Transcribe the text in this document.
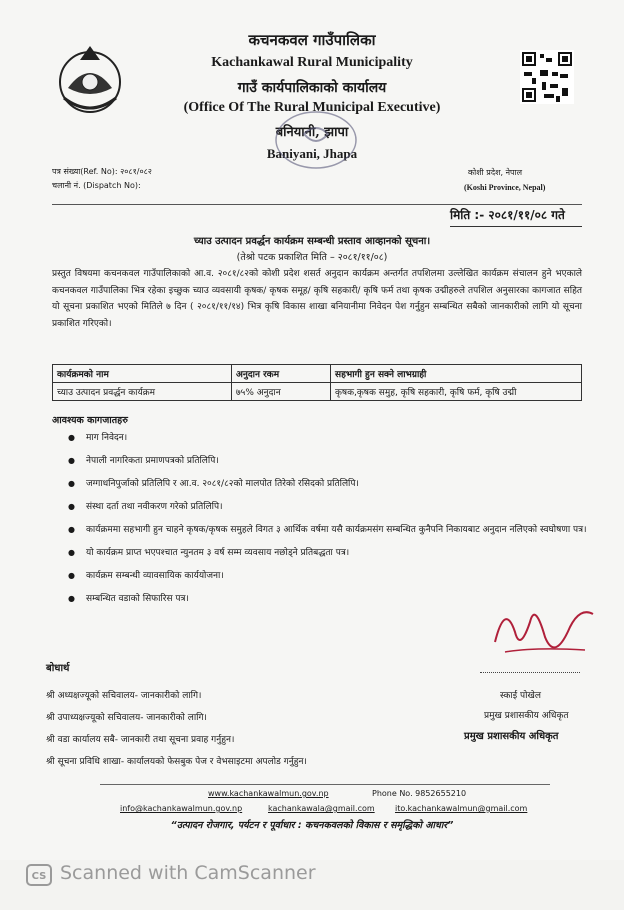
कचनकवल गाउँपालिका
Kachankawal Rural Municipality
गाउँ कार्यपालिकाको कार्यालय
(Office Of The Rural Municipal Executive)
बनियानी, झापा
Baniyani, Jhapa
पत्र संख्या(Ref. No): २०८१/०८२
चलानी नं. (Dispatch No):
कोशी प्रदेश, नेपाल
(Koshi Province, Nepal)
मिति :- २०८१/११/०८ गते
च्याउ उत्पादन प्रवर्द्धन कार्यक्रम सम्बन्धी प्रस्ताव आव्हानको सूचना।
(तेश्रो पटक प्रकाशित मिति – २०८१/११/०८)
प्रस्तुत विषयमा कचनकवल गाउँपालिकाको आ.व. २०८१/८२को कोशी प्रदेश शसर्त अनुदान कार्यक्रम अन्तर्गत तपशिलमा उल्लेखित कार्यक्रम संचालन हुने भएकाले कचनकवल गाउँपालिका भित्र रहेका इच्छुक च्याउ व्यवसायी कृषक/ कृषक समूह/ कृषि सहकारी/ कृषि फर्म तथा कृषक उद्मीहरुले तपशिल अनुसारका कागजात सहित यो सूचना प्रकाशित भएको मितिले ७ दिन ( २०८१/११/१४) भित्र कृषि विकास शाखा बनियानीमा निवेदन पेश गर्नुहुन सम्बन्धित सबैको जानकारीको लागि यो सूचना प्रकाशित गरिएको।
कार्यक्रमको नाम	अनुदान रकम	सहभागी हुन सक्ने लाभग्राही
च्याउ उत्पादन प्रवर्द्धन कार्यक्रम	७५% अनुदान	कृषक,कृषक समुह, कृषि सहकारी, कृषि फर्म, कृषि उद्मी
आवश्यक कागजातहरु
● माग निवेदन।
● नेपाली नागरिकता प्रमाणपत्रको प्रतिलिपि।
● जग्गाधनिपुर्जाको प्रतिलिपि र आ.व. २०८१/८२को मालपोत तिरेको रसिदको प्रतिलिपि।
● संस्था दर्ता तथा नवीकरण गरेको प्रतिलिपि।
● कार्यक्रममा सहभागी हुन चाहने कृषक/कृषक समुहले विगत ३ आर्थिक वर्षमा यसै कार्यक्रमसंग सम्बन्धित कुनैपनि निकायबाट अनुदान नलिएको स्वघोषणा पत्र।
● यो कार्यक्रम प्राप्त भएपश्चात न्युनतम ३ वर्ष सम्म व्यवसाय नछोड्ने प्रतिबद्धता पत्र।
● कार्यक्रम सम्बन्धी व्यावसायिक कार्ययोजना।
● सम्बन्धित वडाको सिफारिस पत्र।
स्काई पोखेल
प्रमुख प्रशासकीय अधिकृत
प्रमुख प्रशासकीय अधिकृत
बोधार्थ
श्री अध्यक्षज्यूको सचिवालय- जानकारीको लागि।
श्री उपाध्यक्षज्यूको सचिवालय- जानकारीको लागि।
श्री वडा कार्यालय सबै- जानकारी तथा सूचना प्रवाह गर्नुहुन।
श्री सूचना प्रविधि शाखा- कार्यालयको फेसबुक पेज र वेभसाइटमा अपलोड गर्नुहुन।
www.kachankawalmun.gov.np	Phone No. 9852655210
info@kachankawalmun.gov.np	kachankawala@gmail.com	ito.kachankawalmun@gmail.com
“उत्पादन रोजगार, पर्यटन र पूर्वाधार : कचनकवलको विकास र समृद्धिको आधार”
CS Scanned with CamScanner
